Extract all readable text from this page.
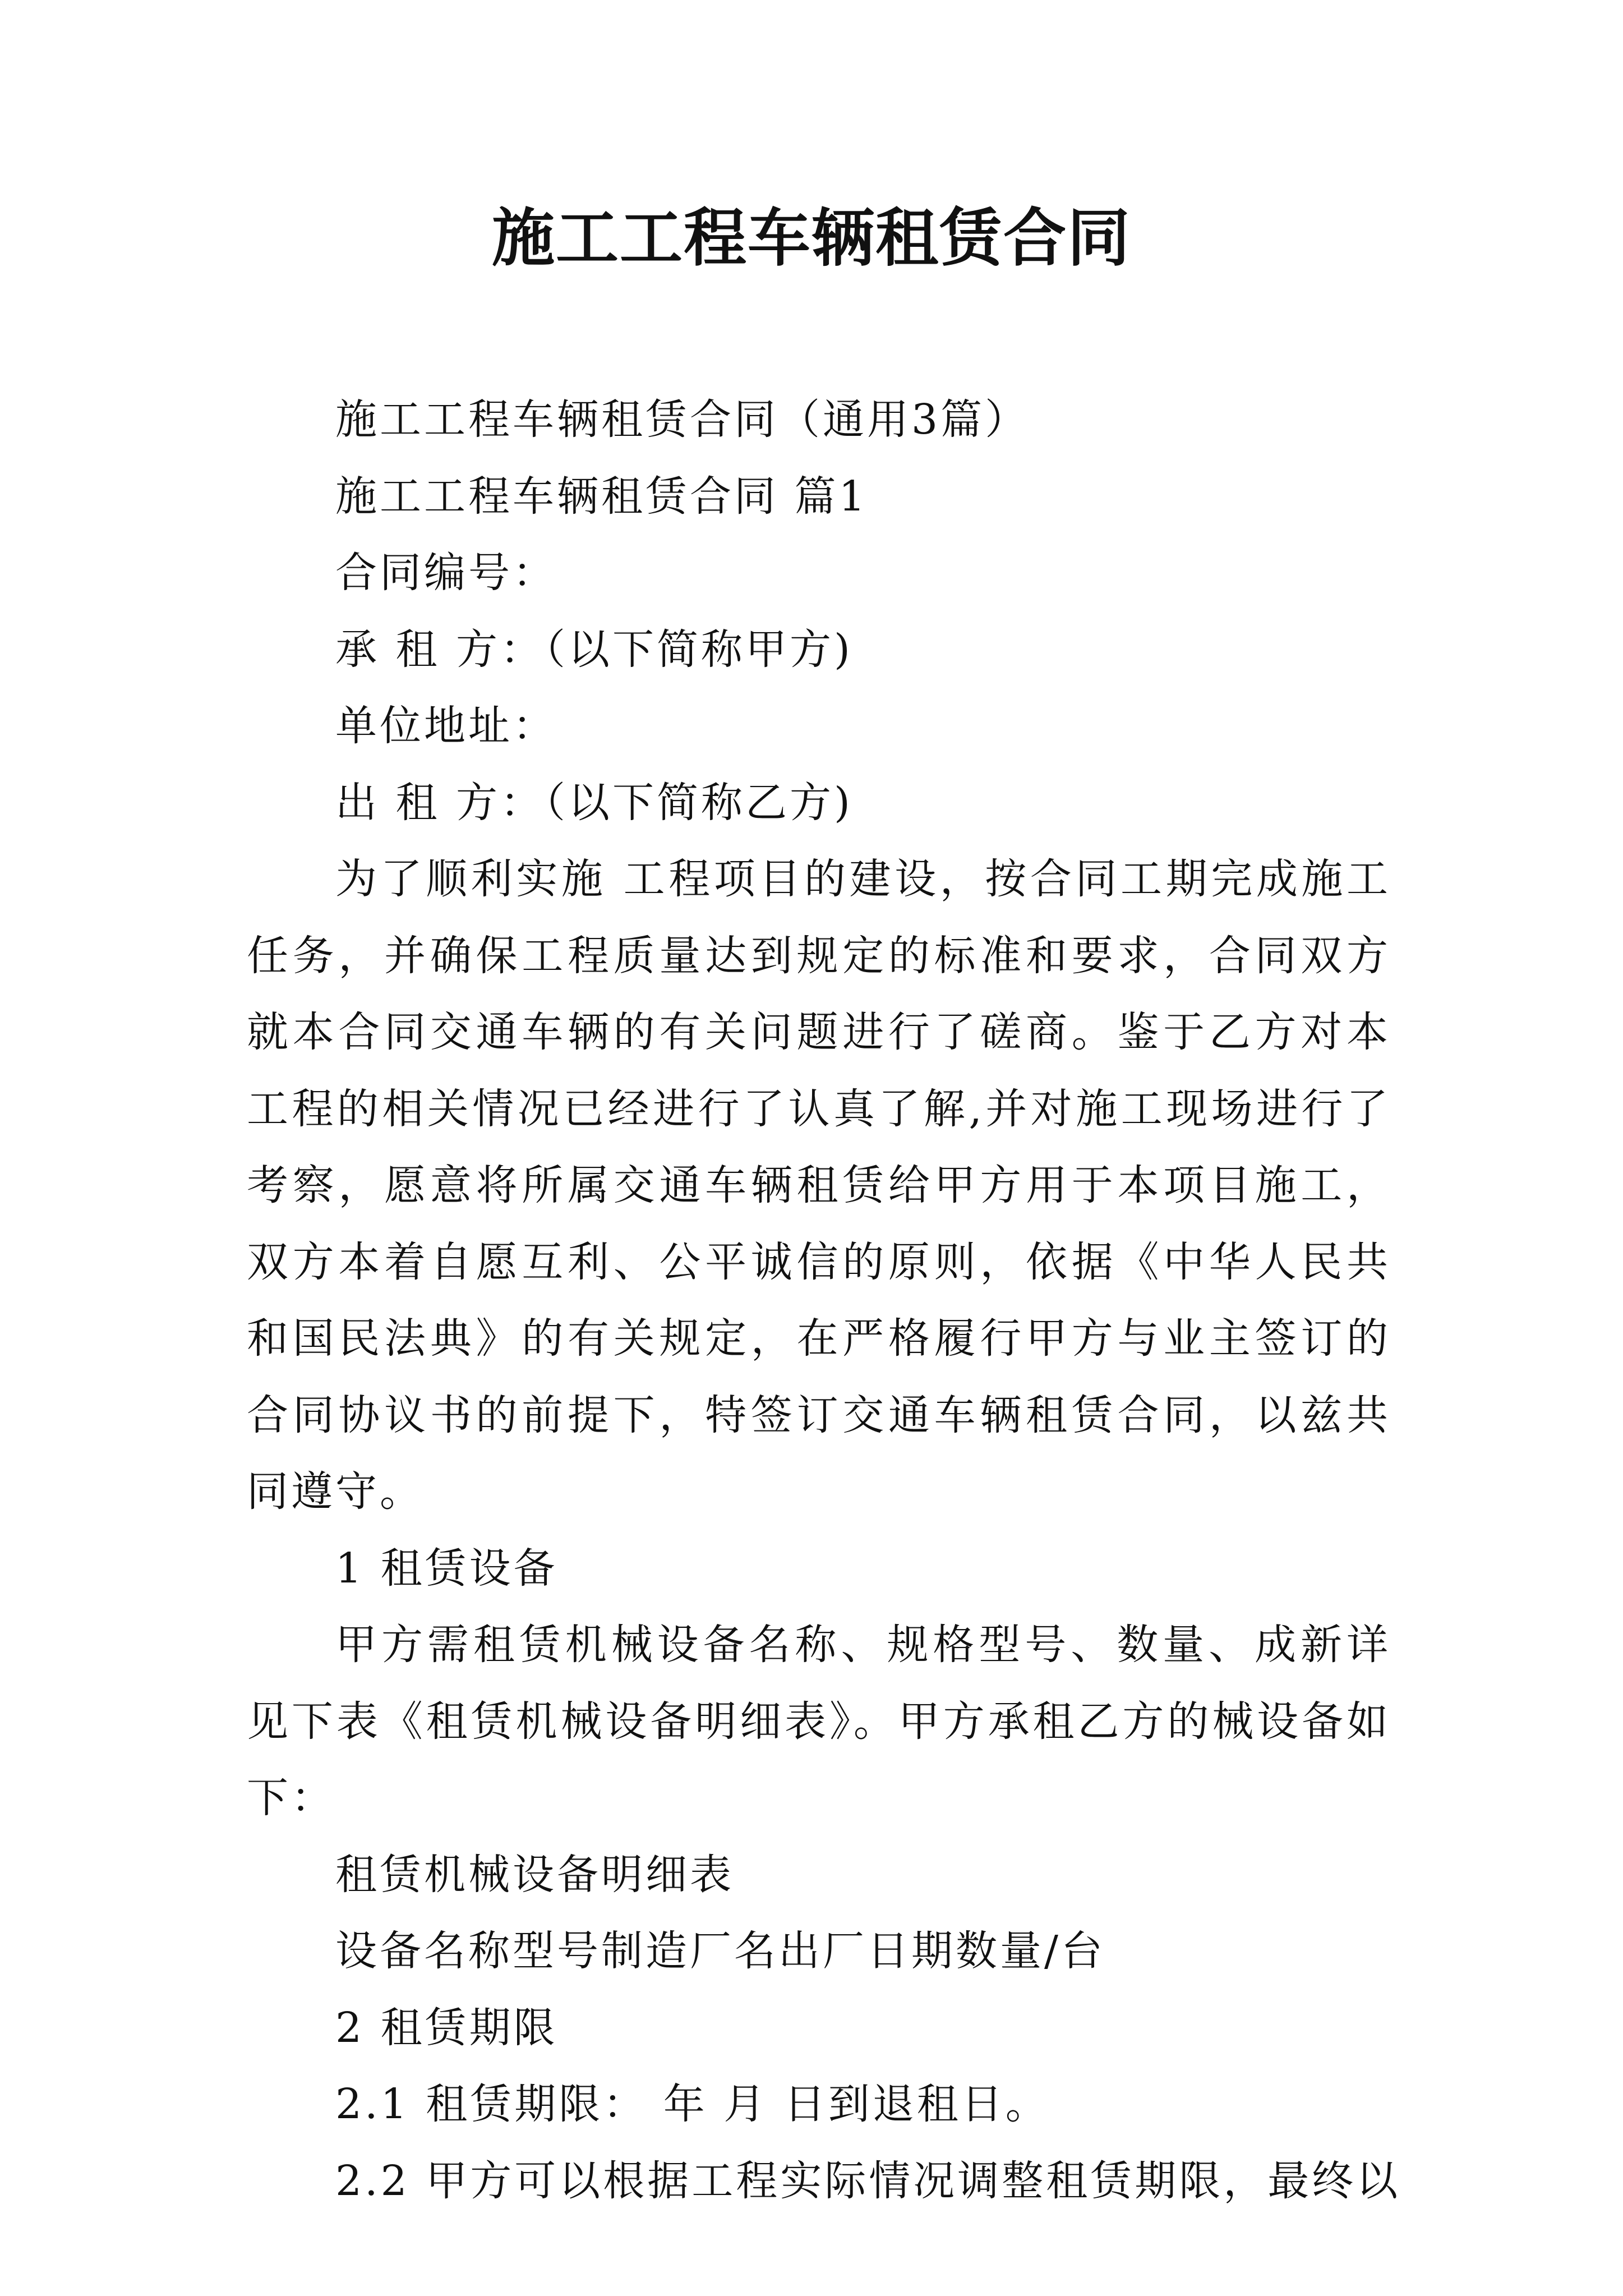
施工工程车辆租赁合同

施工工程车辆租赁合同（通用3篇）

施工工程车辆租赁合同 篇1

合同编号：

承 租 方：（以下简称甲方)

单位地址：

出 租 方：（以下简称乙方)

为了顺利实施 工程项目的建设，按合同工期完成施工任务，并确保工程质量达到规定的标准和要求，合同双方就本合同交通车辆的有关问题进行了磋商。鉴于乙方对本工程的相关情况已经进行了认真了解,并对施工现场进行了考察，愿意将所属交通车辆租赁给甲方用于本项目施工，双方本着自愿互利、公平诚信的原则，依据《中华人民共和国民法典》的有关规定，在严格履行甲方与业主签订的合同协议书的前提下，特签订交通车辆租赁合同，以兹共同遵守。

1 租赁设备

甲方需租赁机械设备名称、规格型号、数量、成新详见下表《租赁机械设备明细表》。甲方承租乙方的械设备如下：

租赁机械设备明细表

设备名称型号制造厂名出厂日期数量/台

2 租赁期限

2.1 租赁期限： 年 月 日到退租日。

2.2 甲方可以根据工程实际情况调整租赁期限，最终以
